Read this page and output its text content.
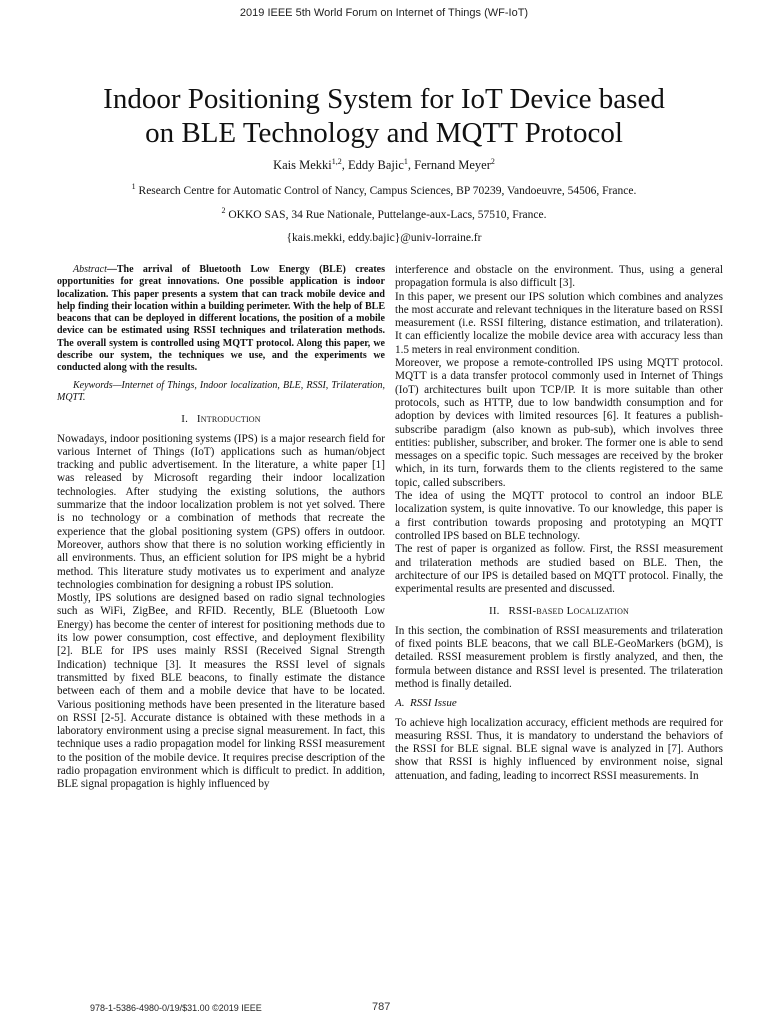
2019 IEEE 5th World Forum on Internet of Things (WF-IoT)
Indoor Positioning System for IoT Device based
on BLE Technology and MQTT Protocol
Kais Mekki$^{1,2}$, Eddy Bajic$^1$, Fernand Meyer$^2$
$^1$ Research Centre for Automatic Control of Nancy, Campus Sciences, BP 70239, Vandoeuvre, 54506, France.
$^2$ OKKO SAS, 34 Rue Nationale, Puttelange-aux-Lacs, 57510, France.
{kais.mekki, eddy.bajic}@univ-lorraine.fr

Abstract—The arrival of Bluetooth Low Energy (BLE) creates opportunities for great innovations. One possible application is indoor localization. This paper presents a system that can track mobile device and help finding their location within a building perimeter. With the help of BLE beacons that can be deployed in different locations, the position of a mobile device can be estimated using RSSI techniques and trilateration methods. The overall system is controlled using MQTT protocol. Along this paper, we describe our system, the techniques we use, and the experiments we conducted along with the results.

Keywords—Internet of Things, Indoor localization, BLE, RSSI, Trilateration, MQTT.

I. Introduction

Nowadays, indoor positioning systems (IPS) is a major research field for various Internet of Things (IoT) applications such as human/object tracking and public advertisement. In the literature, a white paper [1] was released by Microsoft regarding their indoor localization technologies. After studying the existing solutions, the authors summarize that the indoor localization problem is not yet solved. There is no technology or a combination of methods that recreate the experience that the global positioning system (GPS) offers in outdoor. Moreover, authors show that there is no solution working efficiently in all environments. Thus, an efficient solution for IPS might be a hybrid method. This literature study motivates us to experiment and analyze technologies combination for designing a robust IPS solution.

Mostly, IPS solutions are designed based on radio signal technologies such as WiFi, ZigBee, and RFID. Recently, BLE (Bluetooth Low Energy) has become the center of interest for positioning methods due to its low power consumption, cost effective, and deployment flexibility [2]. BLE for IPS uses mainly RSSI (Received Signal Strength Indication) technique [3]. It measures the RSSI level of signals transmitted by fixed BLE beacons, to finally estimate the distance between each of them and a mobile device that have to be located. Various positioning methods have been presented in the literature based on RSSI [2-5]. Accurate distance is obtained with these methods in a laboratory environment using a precise signal measurement. In fact, this technique uses a radio propagation model for linking RSSI measurement to the position of the mobile device. It requires precise description of the radio propagation environment which is difficult to predict. In addition, BLE signal propagation is highly influenced by

interference and obstacle on the environment. Thus, using a general propagation formula is also difficult [3].

In this paper, we present our IPS solution which combines and analyzes the most accurate and relevant techniques in the literature based on RSSI measurement (i.e. RSSI filtering, distance estimation, and trilateration). It can efficiently localize the mobile device area with accuracy less than 1.5 meters in real environment condition.

Moreover, we propose a remote-controlled IPS using MQTT protocol. MQTT is a data transfer protocol commonly used in Internet of Things (IoT) architectures built upon TCP/IP. It is more suitable than other protocols, such as HTTP, due to low bandwidth consumption and for adoption by devices with limited resources [6]. It features a publish-subscribe paradigm (also known as pub-sub), which involves three entities: publisher, subscriber, and broker. The former one is able to send messages on a specific topic. Such messages are received by the broker which, in its turn, forwards them to the clients registered to the same topic, called subscribers.

The idea of using the MQTT protocol to control an indoor BLE localization system, is quite innovative. To our knowledge, this paper is a first contribution towards proposing and prototyping an MQTT controlled IPS based on BLE technology.

The rest of paper is organized as follow. First, the RSSI measurement and trilateration methods are studied based on BLE. Then, the architecture of our IPS is detailed based on MQTT protocol. Finally, the experimental results are presented and discussed.

II. RSSI-based Localization

In this section, the combination of RSSI measurements and trilateration of fixed points BLE beacons, that we call BLE-GeoMarkers (bGM), is detailed. RSSI measurement problem is firstly analyzed, and then, the formula between distance and RSSI level is presented. The trilateration method is finally detailed.

A. RSSI Issue

To achieve high localization accuracy, efficient methods are required for measuring RSSI. Thus, it is mandatory to understand the behaviors of the RSSI for BLE signal. BLE signal wave is analyzed in [7]. Authors show that RSSI is highly influenced by environment noise, signal attenuation, and fading, leading to incorrect RSSI measurements. In

978-1-5386-4980-0/19/$31.00 ©2019 IEEE	787
